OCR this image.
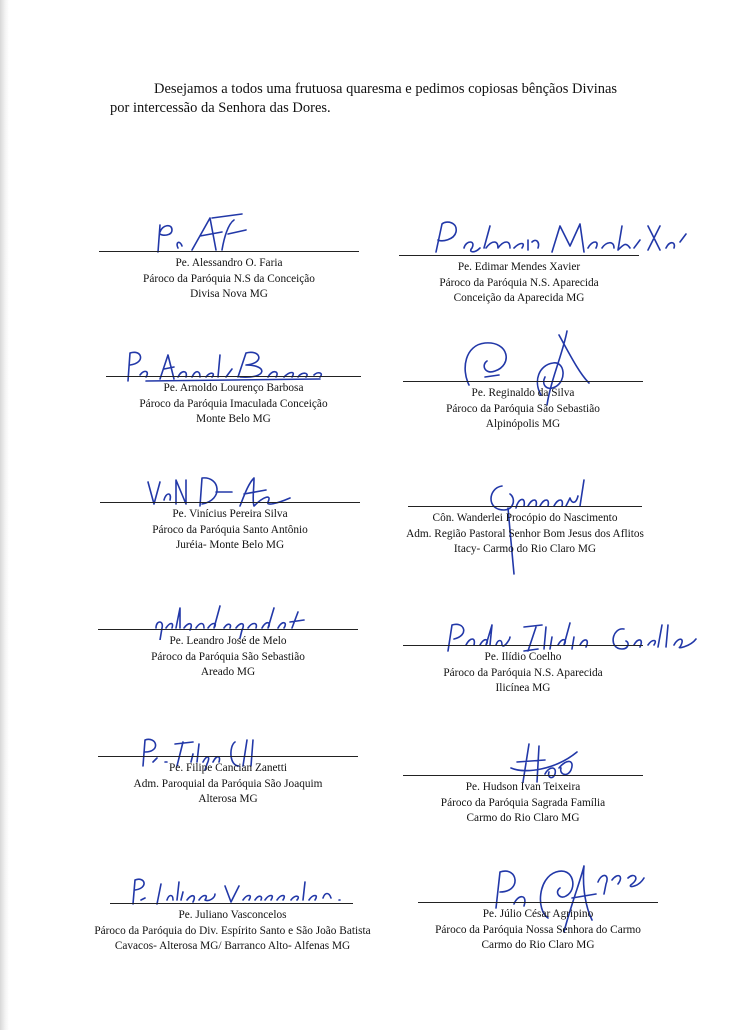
Desejamos a todos uma frutuosa quaresma e pedimos copiosas bênçãos Divinas
por intercessão da Senhora das Dores.
Pe. Alessandro O. Faria
Pároco da Paróquia N.S da Conceição
Divisa Nova MG
Pe. Edimar Mendes Xavier
Pároco da Paróquia N.S. Aparecida
Conceição da Aparecida MG
Pe. Arnoldo Lourenço Barbosa
Pároco da Paróquia Imaculada Conceição
Monte Belo MG
Pe. Reginaldo da Silva
Pároco da Paróquia São Sebastião
Alpinópolis MG
Pe. Vinícius Pereira Silva
Pároco da Paróquia Santo Antônio
Juréia- Monte Belo MG
Côn. Wanderlei Procópio do Nascimento
Adm. Região Pastoral Senhor Bom Jesus dos Aflitos
Itacy- Carmo do Rio Claro MG
Pe. Leandro José de Melo
Pároco da Paróquia São Sebastião
Areado MG
Pe. Ilídio Coelho
Pároco da Paróquia N.S. Aparecida
Ilicínea MG
Pe. Filipe Cancian Zanetti
Adm. Paroquial da Paróquia São Joaquim
Alterosa MG
Pe. Hudson Ivan Teixeira
Pároco da Paróquia Sagrada Família
Carmo do Rio Claro MG
Pe. Juliano Vasconcelos
Pároco da Paróquia do Div. Espírito Santo e São João Batista
Cavacos- Alterosa MG/ Barranco Alto- Alfenas MG
Pe. Júlio César Agripino
Pároco da Paróquia Nossa Senhora do Carmo
Carmo do Rio Claro MG
